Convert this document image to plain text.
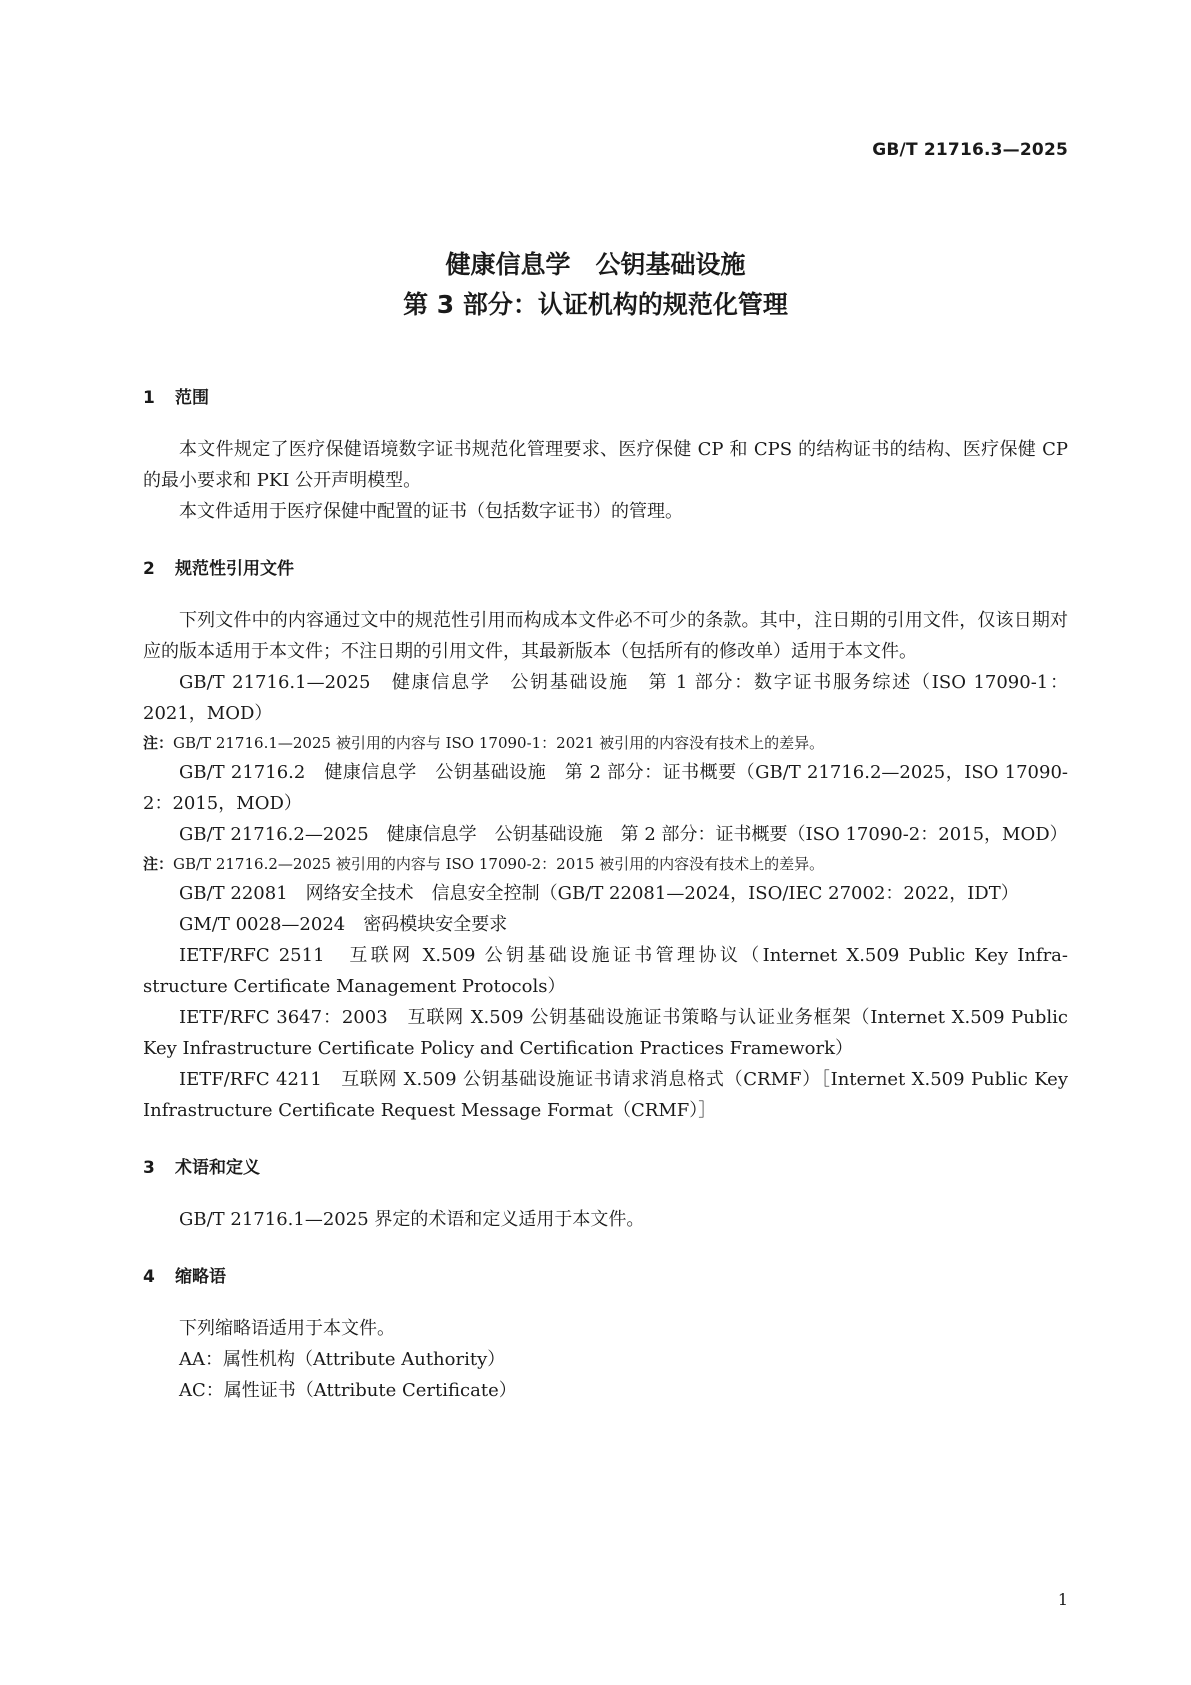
GB/T 21716.3—2025

健康信息学　公钥基础设施
第 3 部分：认证机构的规范化管理
1 范围

本文件规定了医疗保健语境数字证书规范化管理要求、医疗保健 CP 和 CPS 的结构证书的结构、医疗保健 CP 的最小要求和 PKI 公开声明模型。

本文件适用于医疗保健中配置的证书（包括数字证书）的管理。

2 规范性引用文件

下列文件中的内容通过文中的规范性引用而构成本文件必不可少的条款。其中，注日期的引用文件，仅该日期对应的版本适用于本文件；不注日期的引用文件，其最新版本（包括所有的修改单）适用于本文件。

GB/T 21716.1—2025　健康信息学　公钥基础设施　第 1 部分：数字证书服务综述（ISO 17090-1：2021，MOD）

注：GB/T 21716.1—2025 被引用的内容与 ISO 17090-1：2021 被引用的内容没有技术上的差异。

GB/T 21716.2　健康信息学　公钥基础设施　第 2 部分：证书概要（GB/T 21716.2—2025，ISO 17090-2：2015，MOD）

GB/T 21716.2—2025　健康信息学　公钥基础设施　第 2 部分：证书概要（ISO 17090-2：2015，MOD）

注：GB/T 21716.2—2025 被引用的内容与 ISO 17090-2：2015 被引用的内容没有技术上的差异。

GB/T 22081　网络安全技术　信息安全控制（GB/T 22081—2024，ISO/IEC 27002：2022，IDT）

GM/T 0028—2024　密码模块安全要求

IETF/RFC 2511　互联网 X.509 公钥基础设施证书管理协议（Internet X.509 Public Key Infra-structure Certificate Management Protocols）

IETF/RFC 3647：2003　互联网 X.509 公钥基础设施证书策略与认证业务框架（Internet X.509 Public Key Infrastructure Certificate Policy and Certification Practices Framework）

IETF/RFC 4211　互联网 X.509 公钥基础设施证书请求消息格式（CRMF）［Internet X.509 Public Key Infrastructure Certificate Request Message Format（CRMF）］

3 术语和定义

GB/T 21716.1—2025 界定的术语和定义适用于本文件。

4 缩略语

下列缩略语适用于本文件。

AA：属性机构（Attribute Authority）

AC：属性证书（Attribute Certificate）

1
